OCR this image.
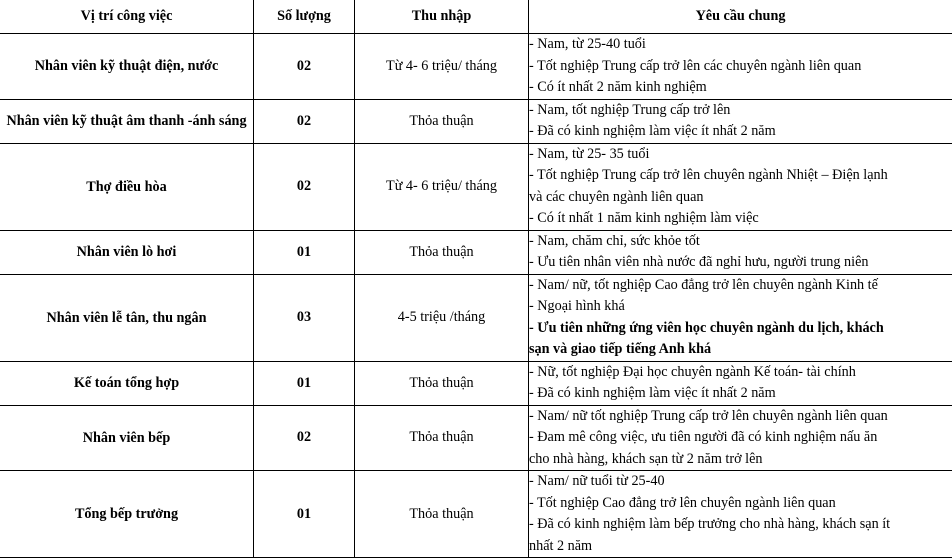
Vị trí công việc	Số lượng	Thu nhập	Yêu cầu chung
Nhân viên kỹ thuật điện, nước	02	Từ 4- 6 triệu/ tháng	- Nam, từ 25-40 tuổi
- Tốt nghiệp Trung cấp trở lên các chuyên ngành liên quan
- Có ít nhất 2 năm kinh nghiệm

Nhân viên kỹ thuật âm thanh -ánh sáng	02	Thỏa thuận	- Nam, tốt nghiệp Trung cấp trở lên
- Đã có kinh nghiệm làm việc ít nhất 2 năm

Thợ điều hòa	02	Từ 4- 6 triệu/ tháng	- Nam, từ 25- 35 tuổi
- Tốt nghiệp Trung cấp trở lên chuyên ngành Nhiệt – Điện lạnh
và các chuyên ngành liên quan
- Có ít nhất 1 năm kinh nghiệm làm việc

Nhân viên lò hơi	01	Thỏa thuận	- Nam, chăm chỉ, sức khỏe tốt
- Ưu tiên nhân viên nhà nước đã nghỉ hưu, người trung niên

Nhân viên lễ tân, thu ngân	03	4-5 triệu /tháng	- Nam/ nữ, tốt nghiệp Cao đẳng trở lên chuyên ngành Kinh tế
- Ngoại hình khá
- Ưu tiên những ứng viên học chuyên ngành du lịch, khách
sạn và giao tiếp tiếng Anh khá

Kế toán tổng hợp	01	Thỏa thuận	- Nữ, tốt nghiệp Đại học chuyên ngành Kế toán- tài chính
- Đã có kinh nghiệm làm việc ít nhất 2 năm

Nhân viên bếp	02	Thỏa thuận	- Nam/ nữ tốt nghiệp Trung cấp trở lên chuyên ngành liên quan
- Đam mê công việc, ưu tiên người đã có kinh nghiệm nấu ăn
cho nhà hàng, khách sạn từ 2 năm trở lên

Tổng bếp trưởng	01	Thỏa thuận	- Nam/ nữ tuổi từ 25-40
- Tốt nghiệp Cao đẳng trở lên chuyên ngành liên quan
- Đã có kinh nghiệm làm bếp trưởng cho nhà hàng, khách sạn ít
nhất 2 năm
